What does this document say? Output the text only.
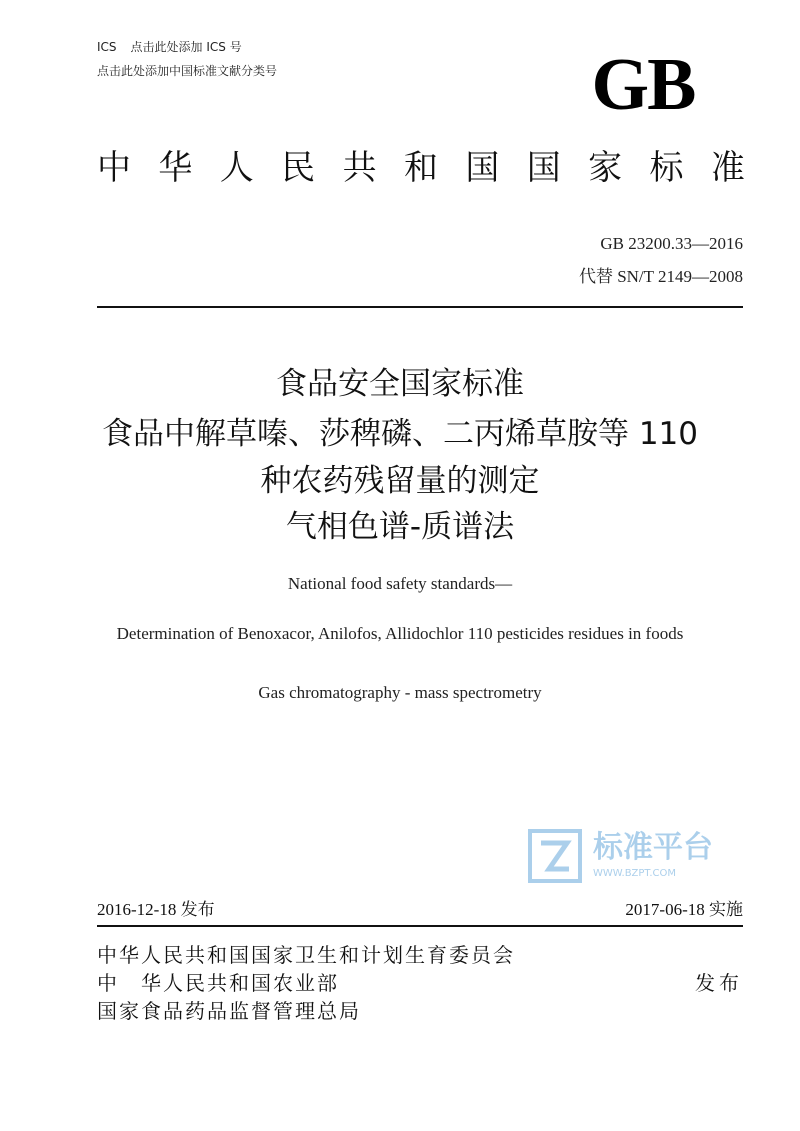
ICS 点击此处添加 ICS 号
点击此处添加中国标准文献分类号	GB
中 华 人 民 共 和 国 国 家 标 准
GB 23200.33—2016
代替 SN/T 2149—2008
食品安全国家标准
食品中解草嗪、莎稗磷、二丙烯草胺等 110
种农药残留量的测定
气相色谱-质谱法
National food safety standards—
Determination of Benoxacor, Anilofos, Allidochlor 110 pesticides residues in foods
Gas chromatography - mass spectrometry
标准平台
WWW.BZPT.COM
2016-12-18 发布	2017-06-18 实施
中华人民共和国国家卫生和计划生育委员会
中 华人民共和国农业部
国家食品药品监督管理总局
发布
